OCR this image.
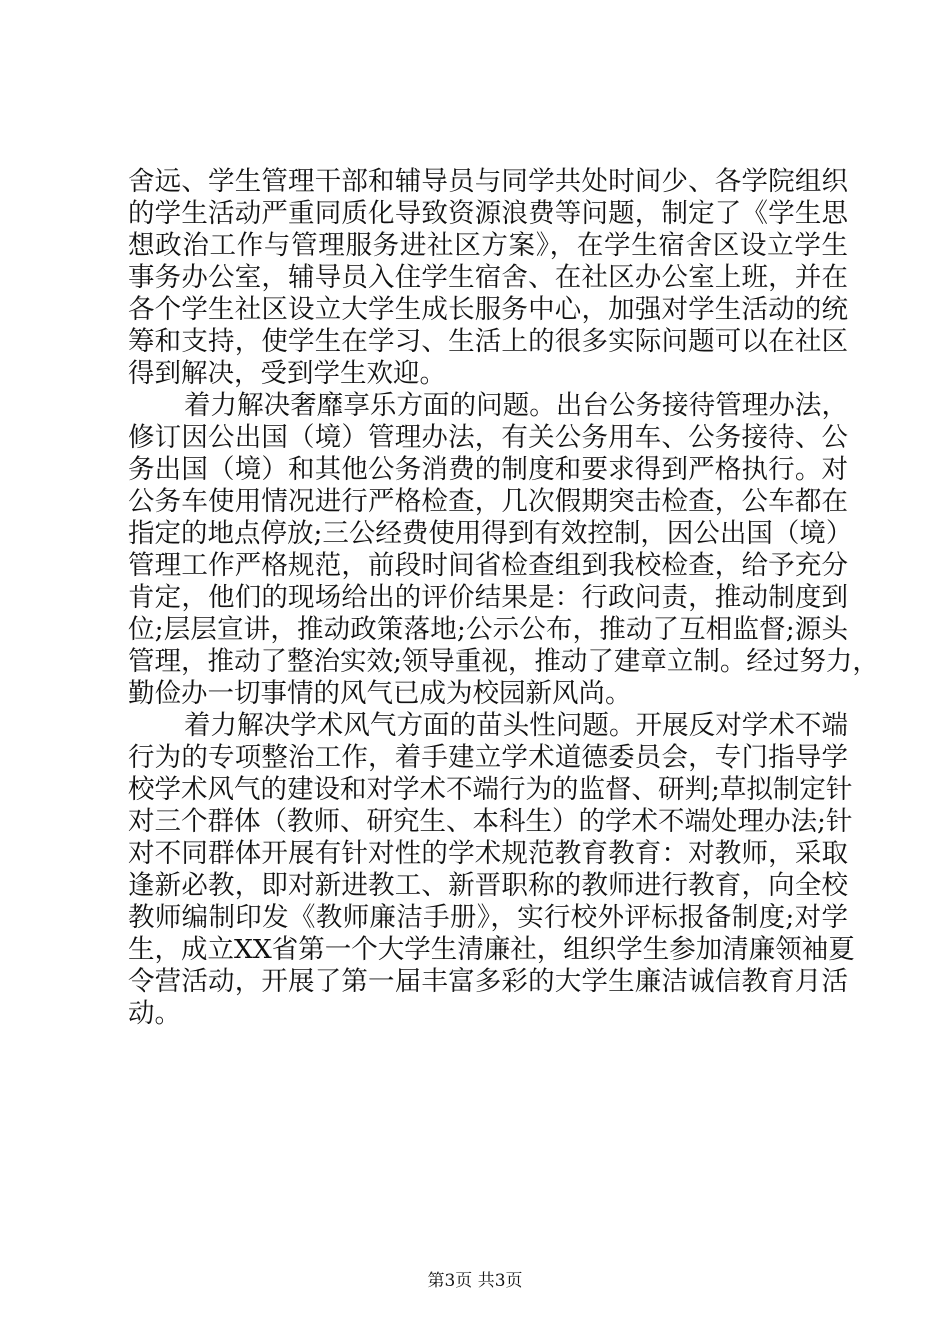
舍远、学生管理干部和辅导员与同学共处时间少、各学院组织
的学生活动严重同质化导致资源浪费等问题，制定了《学生思
想政治工作与管理服务进社区方案》，在学生宿舍区设立学生
事务办公室，辅导员入住学生宿舍、在社区办公室上班，并在
各个学生社区设立大学生成长服务中心，加强对学生活动的统
筹和支持，使学生在学习、生活上的很多实际问题可以在社区
得到解决，受到学生欢迎。
着力解决奢靡享乐方面的问题。出台公务接待管理办法，
修订因公出国（境）管理办法，有关公务用车、公务接待、公
务出国（境）和其他公务消费的制度和要求得到严格执行。对
公务车使用情况进行严格检查，几次假期突击检查，公车都在
指定的地点停放;三公经费使用得到有效控制，因公出国（境）
管理工作严格规范，前段时间省检查组到我校检查，给予充分
肯定，他们的现场给出的评价结果是：行政问责，推动制度到
位;层层宣讲，推动政策落地;公示公布，推动了互相监督;源头
管理，推动了整治实效;领导重视，推动了建章立制。经过努力，
勤俭办一切事情的风气已成为校园新风尚。
着力解决学术风气方面的苗头性问题。开展反对学术不端
行为的专项整治工作，着手建立学术道德委员会，专门指导学
校学术风气的建设和对学术不端行为的监督、研判;草拟制定针
对三个群体（教师、研究生、本科生）的学术不端处理办法;针
对不同群体开展有针对性的学术规范教育教育：对教师，采取
逢新必教，即对新进教工、新晋职称的教师进行教育，向全校
教师编制印发《教师廉洁手册》，实行校外评标报备制度;对学
生，成立XX省第一个大学生清廉社，组织学生参加清廉领袖夏
令营活动，开展了第一届丰富多彩的大学生廉洁诚信教育月活
动。
第3页 共3页
